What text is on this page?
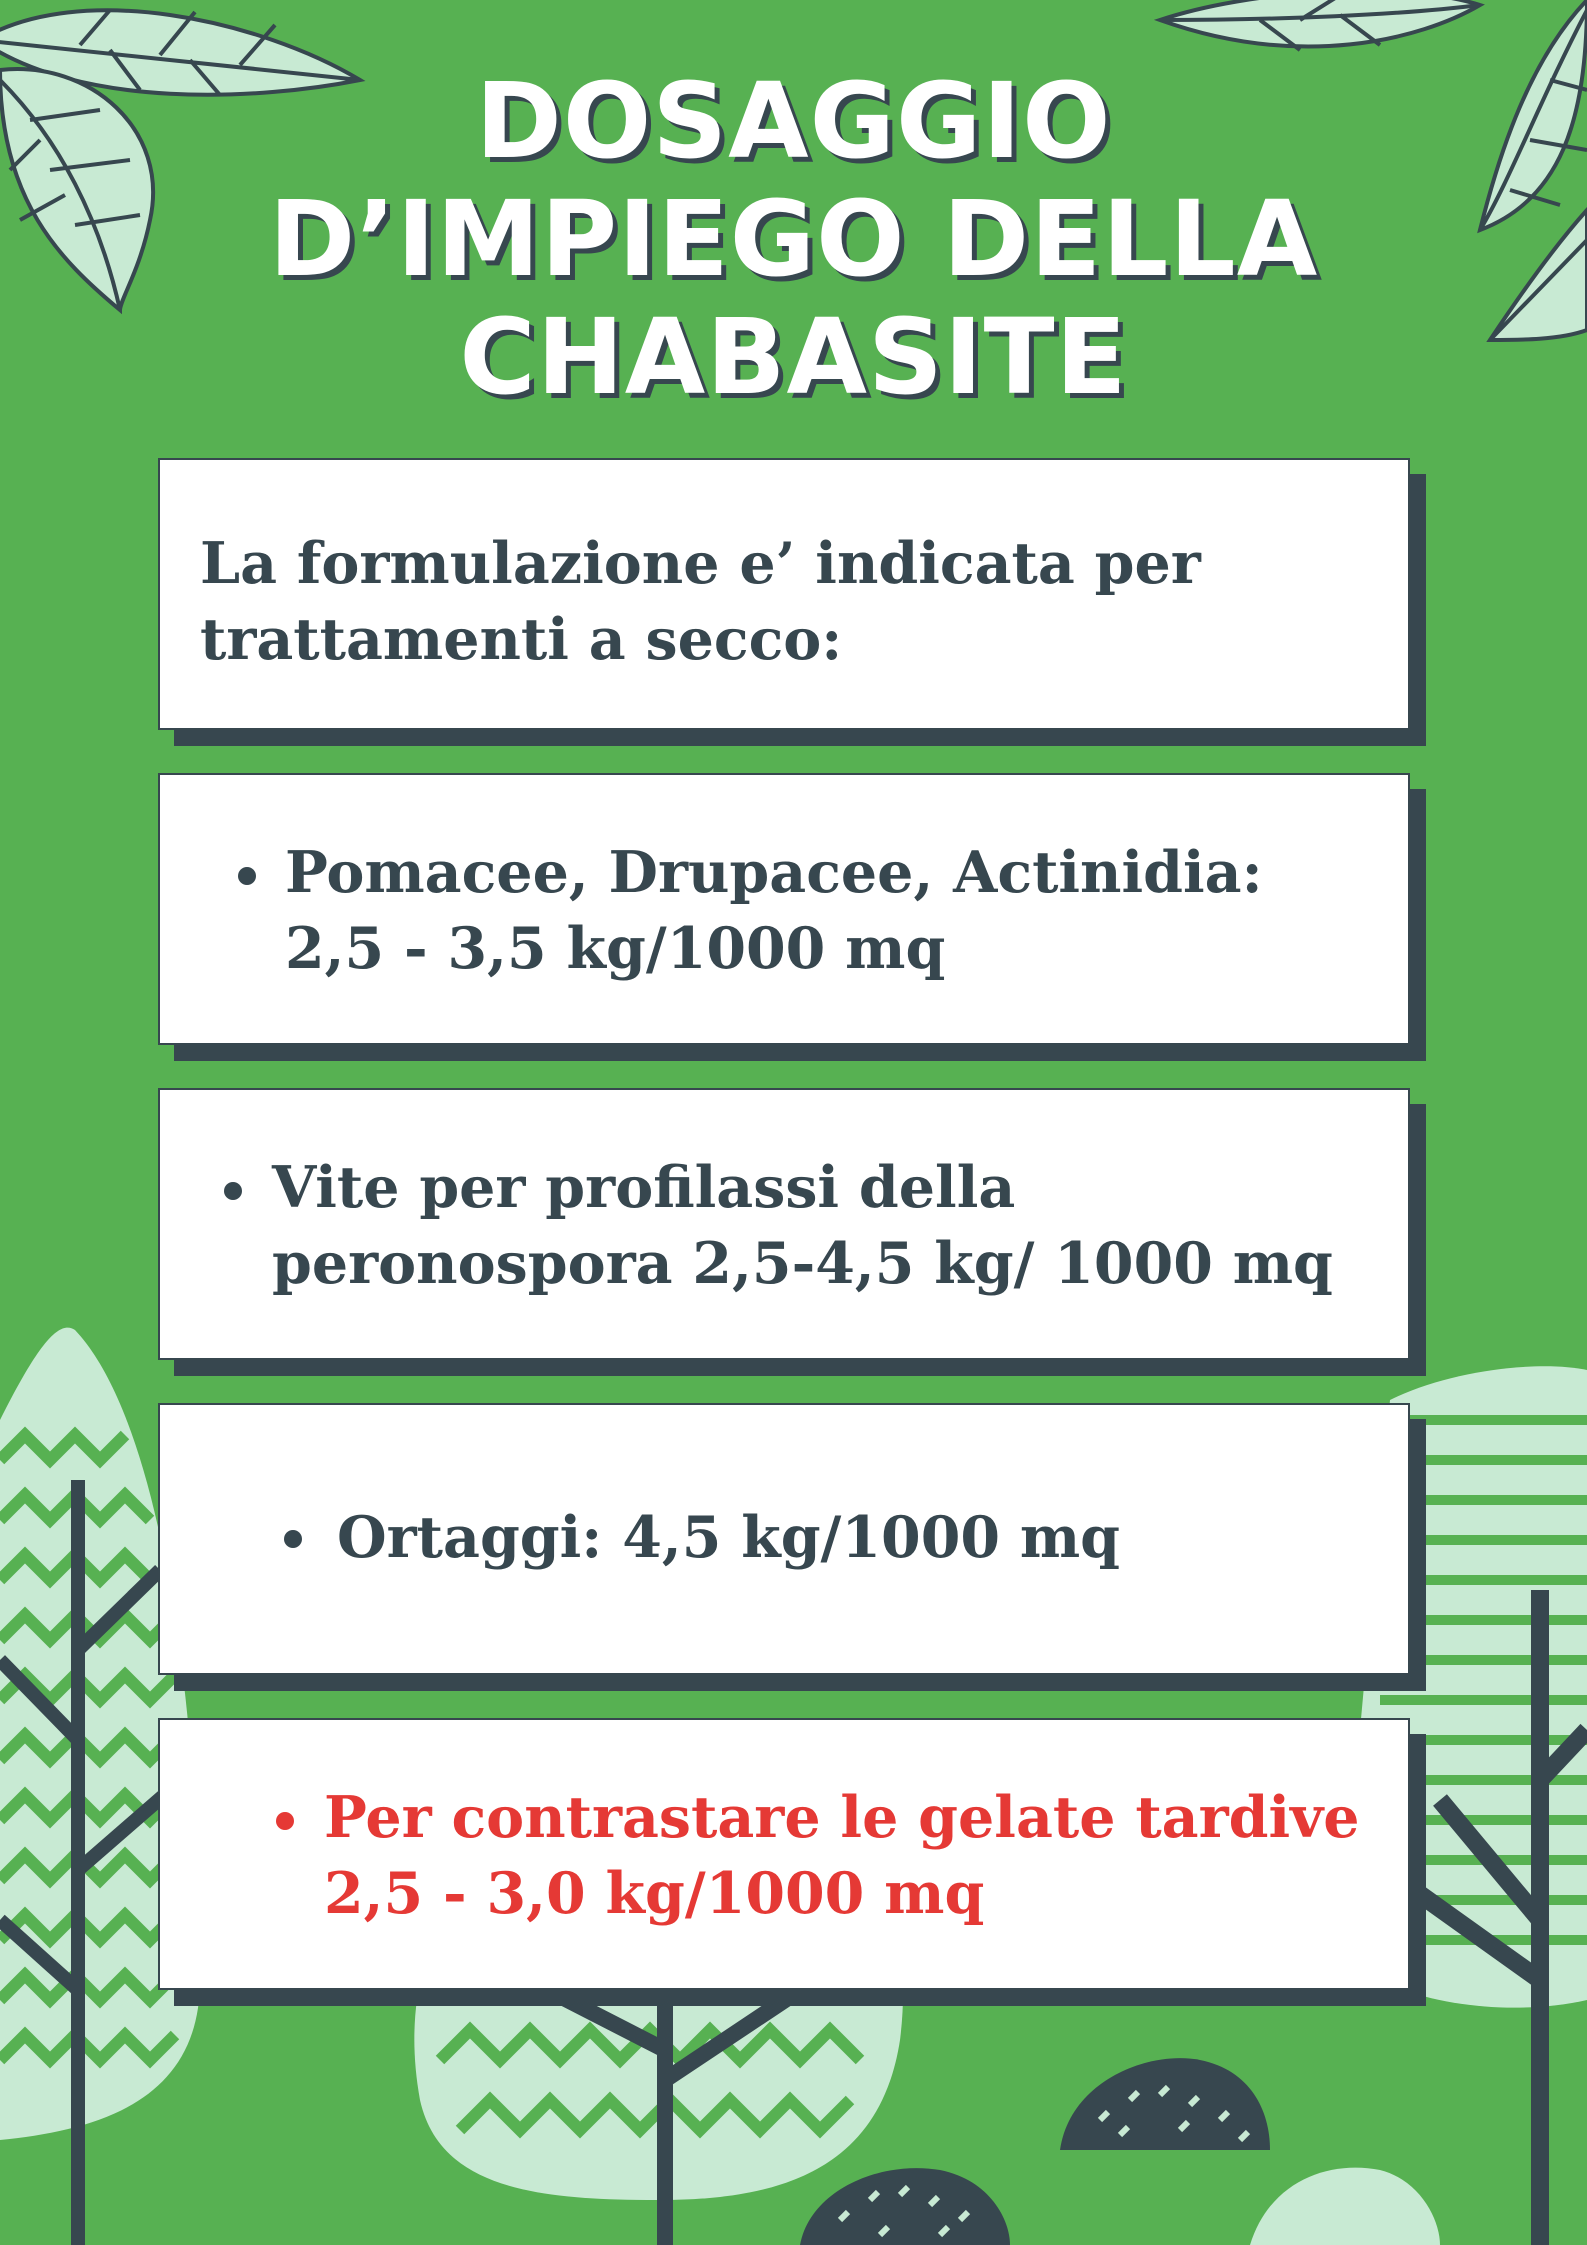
DOSAGGIO
D’IMPIEGO DELLA
CHABASITE
La formulazione e’ indicata per
trattamenti a secco:
Pomacee, Drupacee, Actinidia:
2,5 - 3,5 kg/1000 mq
Vite per profilassi della
peronospora 2,5-4,5 kg/ 1000 mq
Ortaggi: 4,5 kg/1000 mq
Per contrastare le gelate tardive
2,5 - 3,0 kg/1000 mq
